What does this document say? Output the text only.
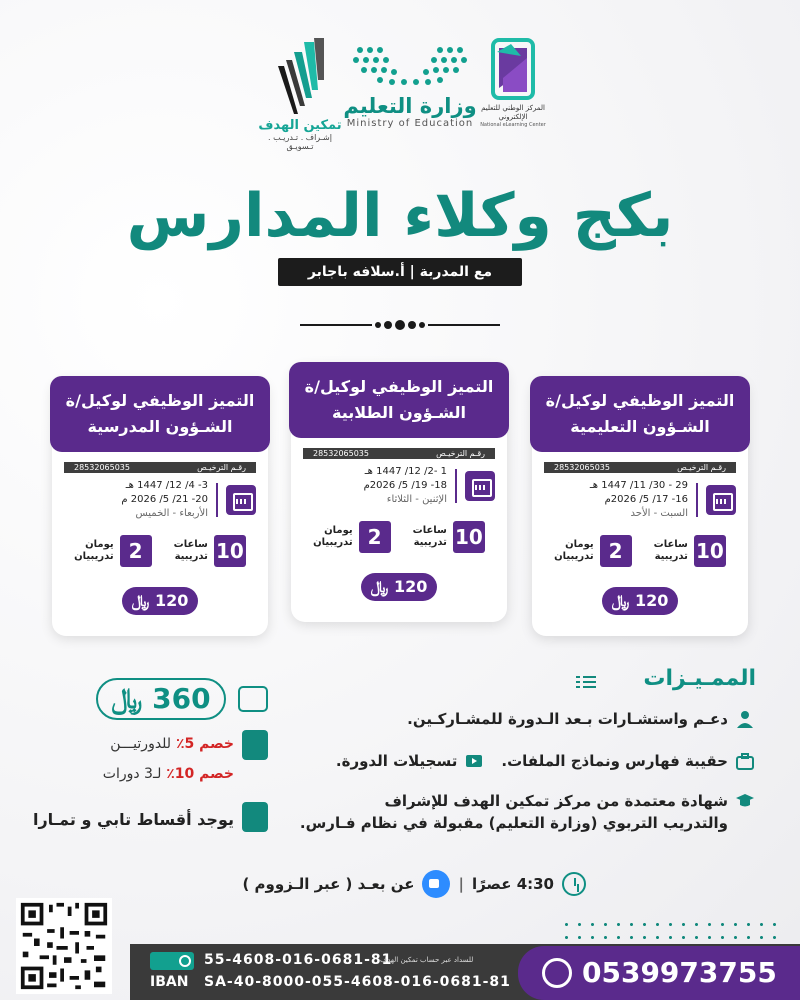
تمكين الهدف
إشـراف . تـدريـب . تـسويـق
وزارة التعليم
Ministry of Education
المركز الوطني للتعليم الإلكتروني
National eLearning Center
بكج وكلاء المدارس
مع المدربة | أ.سلافه باجابر
التميز الوظيفي لوكيل/ة
الشـؤون التعليمية
رقـم الترخيـص
28532065035
29 - 30/ 11/ 1447 هـ
16- 17/ 5/ 2026م
السبت - الأحد
10
ساعات
تدريبية
2
يومان
تدريبيان
120 ﷼
التميز الوظيفي لوكيل/ة
الشـؤون الطلابية
رقـم الترخيـص
28532065035
1 -2/ 12/ 1447 هـ
18- 19/ 5/ 2026م
الإثنين - الثلاثاء
10
ساعات
تدريبية
2
يومان
تدريبيان
120 ﷼
التميز الوظيفي لوكيل/ة
الشـؤون المدرسية
رقـم الترخيـص
28532065035
3- 4/ 12/ 1447 هـ
20- 21/ 5/ 2026 م
الأربعاء - الخميس
10
ساعات
تدريبية
2
يومان
تدريبيان
120 ﷼
الممـيـزات
دعـم واستشـارات بـعد الـدورة للمشـاركـين.
حقيبة فهارس ونماذج الملفات.
تسجيلات الدورة.
شهادة معتمدة من مركز تمكين الهدف للإشراف
والتدريب التربوي (وزارة التعليم) مقبولة في نظام فـارس.
360 ﷼
خصم 5٪ للدورتيـــن
خصم 10٪ لـ3 دورات
يوجد أقساط تابي و تمـارا
4:30 عصرًا
|
عن بعـد ( عبر الـزووم )
55-4608-016-0681-81
للسداد عبر حساب تمكين الهدف
IBAN SA-40-8000-055-4608-016-0681-81	0539973755
